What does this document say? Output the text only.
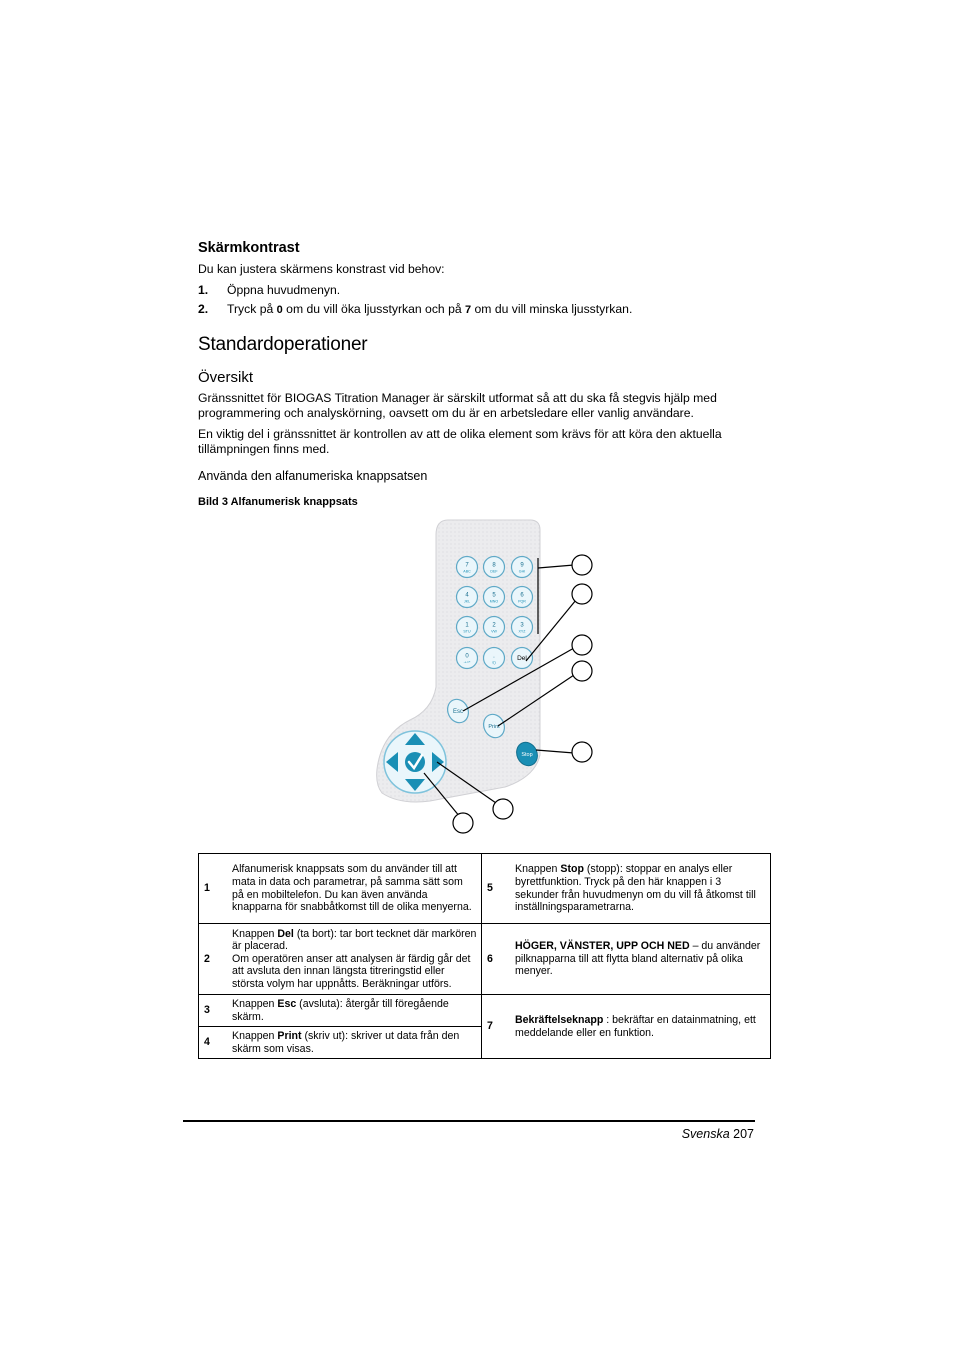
Skärmkontrast

Du kan justera skärmens konstrast vid behov:

1. Öppna huvudmenyn.
2. Tryck på 0 om du vill öka ljusstyrkan och på 7 om du vill minska ljusstyrkan.
Standardoperationer
Översikt

Gränssnittet för BIOGAS Titration Manager är särskilt utformat så att du ska få stegvis hjälp med programmering och analyskörning, oavsett om du är en arbetsledare eller vanlig användare.

En viktig del i gränssnittet är kontrollen av att de olika element som krävs för att köra den aktuella tillämpningen finns med.

Använda den alfanumeriska knappsatsen
Bild 3 Alfanumerisk knappsats
7
ABC
8
DEF
9
GHI
4
JKL
5
MNO
6
PQR
1
STU
2
VW
3
XYZ
0
-+=*
.
/()
Del
Esc
Print
Stop
1	Alfanumerisk knappsats som du använder till att mata in data och parametrar, på samma sätt som på en mobiltelefon. Du kan även använda knapparna för snabbåtkomst till de olika menyerna.	5	Knappen Stop (stopp): stoppar en analys eller byrettfunktion. Tryck på den här knappen i 3 sekunder från huvudmenyn om du vill få åtkomst till inställningsparametrarna.
2	Knappen Del (ta bort): tar bort tecknet där markören är placerad.
Om operatören anser att analysen är färdig går det att avsluta den innan längsta titreringstid eller största volym har uppnåtts. Beräkningar utförs.	6	HÖGER, VÄNSTER, UPP OCH NED – du använder pilknapparna till att flytta bland alternativ på olika menyer.
3	Knappen Esc (avsluta): återgår till föregående skärm.	7	Bekräftelseknapp : bekräftar en datainmatning, ett meddelande eller en funktion.
4	Knappen Print (skriv ut): skriver ut data från den skärm som visas.		
Svenska 207
